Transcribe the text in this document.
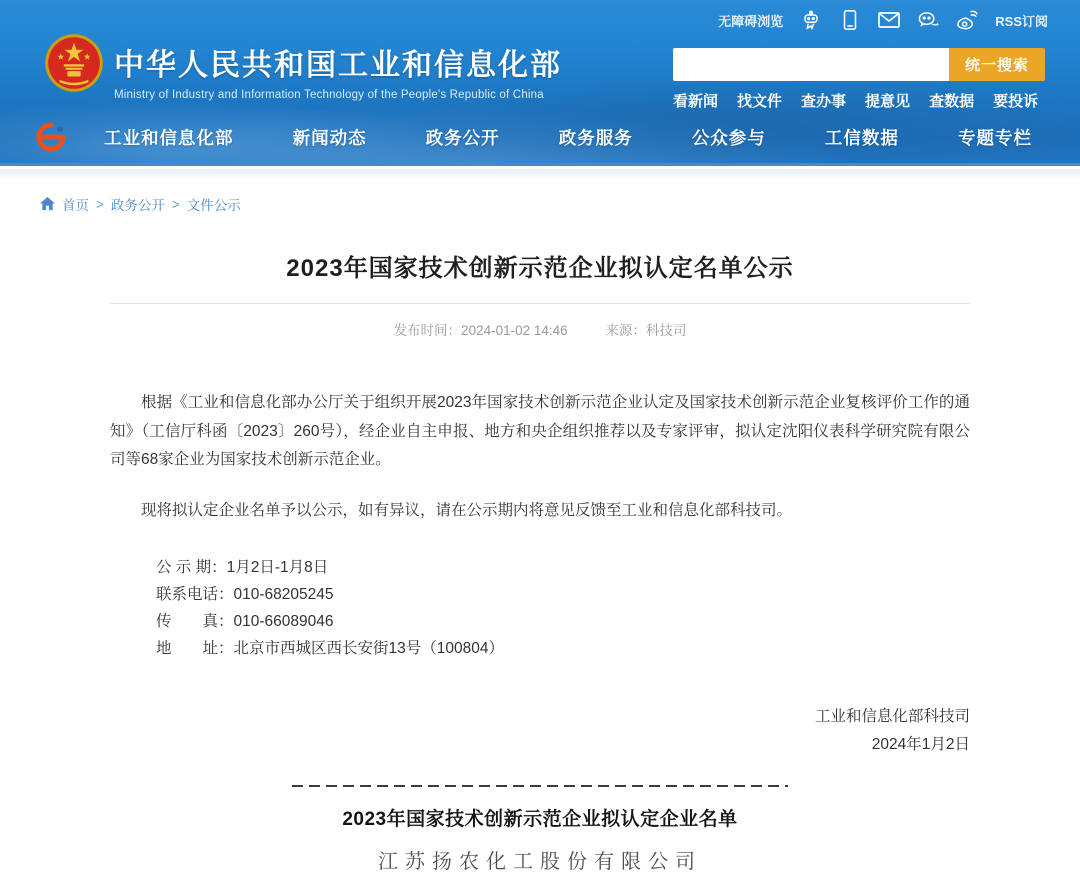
无障碍浏览	RSS订阅
中华人民共和国工业和信息化部
Ministry of Industry and Information Technology of the People's Republic of China
统一搜索
看新闻 找文件 查办事 提意见 查数据 要投诉
工业和信息化部	新闻动态	政务公开	政务服务	公众参与	工信数据	专题专栏
首页 > 政务公开 > 文件公示
2023年国家技术创新示范企业拟认定名单公示
发布时间：2024-01-02 14:46	来源：科技司

根据《工业和信息化部办公厅关于组织开展2023年国家技术创新示范企业认定及国家技术创新示范企业复核评价工作的通知》（工信厅科函〔2023〕260号），经企业自主申报、地方和央企组织推荐以及专家评审，拟认定沈阳仪表科学研究院有限公司等68家企业为国家技术创新示范企业。

现将拟认定企业名单予以公示，如有异议，请在公示期内将意见反馈至工业和信息化部科技司。

公 示 期：1月2日-1月8日
联系电话：010-68205245
传　　真：010-66089046
地　　址：北京市西城区西长安街13号（100804）
工业和信息化部科技司
2024年1月2日
2023年国家技术创新示范企业拟认定企业名单
江苏扬农化工股份有限公司
